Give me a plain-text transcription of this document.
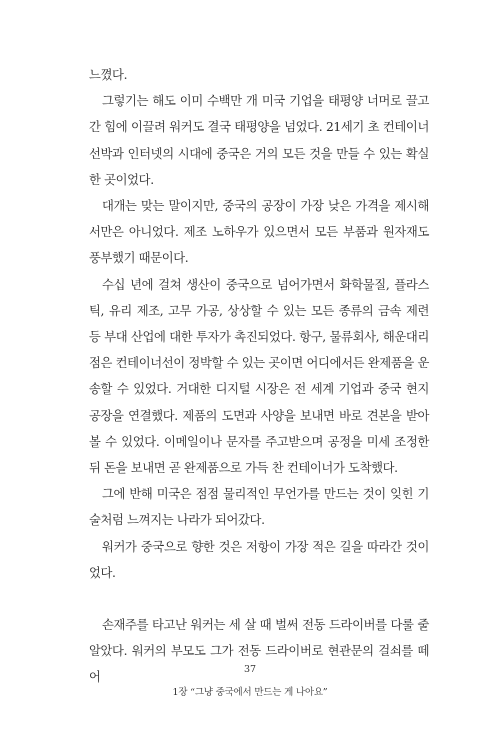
느꼈다.

그렇기는 해도 이미 수백만 개 미국 기업을 태평양 너머로 끌고 간 힘에 이끌려 워커도 결국 태평양을 넘었다. 21세기 초 컨테이너 선박과 인터넷의 시대에 중국은 거의 모든 것을 만들 수 있는 확실한 곳이었다.

대개는 맞는 말이지만, 중국의 공장이 가장 낮은 가격을 제시해서만은 아니었다. 제조 노하우가 있으면서 모든 부품과 원자재도 풍부했기 때문이다.

수십 년에 걸쳐 생산이 중국으로 넘어가면서 화학물질, 플라스틱, 유리 제조, 고무 가공, 상상할 수 있는 모든 종류의 금속 제련 등 부대 산업에 대한 투자가 촉진되었다. 항구, 물류회사, 해운대리점은 컨테이너선이 정박할 수 있는 곳이면 어디에서든 완제품을 운송할 수 있었다. 거대한 디지털 시장은 전 세계 기업과 중국 현지 공장을 연결했다. 제품의 도면과 사양을 보내면 바로 견본을 받아볼 수 있었다. 이메일이나 문자를 주고받으며 공정을 미세 조정한 뒤 돈을 보내면 곧 완제품으로 가득 찬 컨테이너가 도착했다.

그에 반해 미국은 점점 물리적인 무언가를 만드는 것이 잊힌 기술처럼 느껴지는 나라가 되어갔다.

워커가 중국으로 향한 것은 저항이 가장 적은 길을 따라간 것이었다.

손재주를 타고난 워커는 세 살 때 벌써 전동 드라이버를 다룰 줄 알았다. 워커의 부모도 그가 전동 드라이버로 현관문의 걸쇠를 떼어

37
1장 “그냥 중국에서 만드는 게 나아요”
